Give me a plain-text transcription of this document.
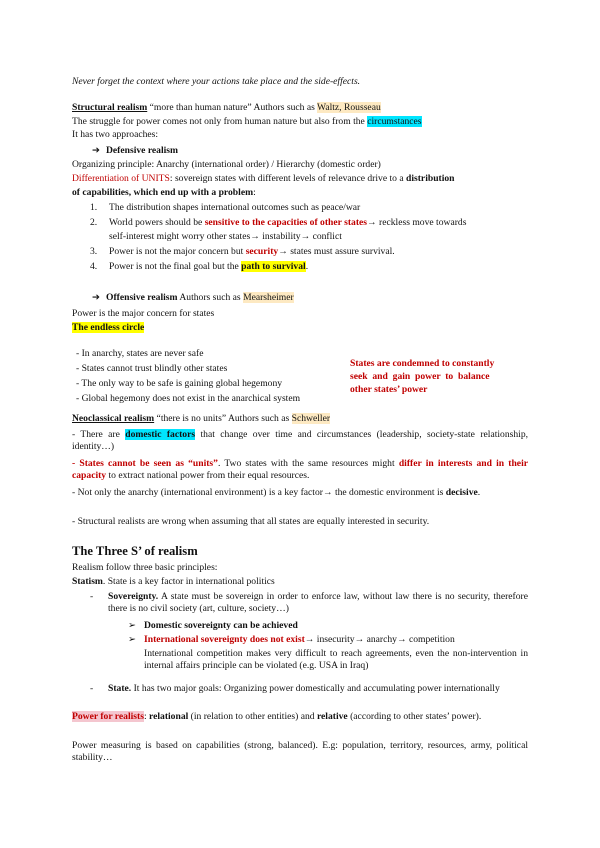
Never forget the context where your actions take place and the side-effects.
Structural realism “more than human nature” Authors such as Waltz, Rousseau
The struggle for power comes not only from human nature but also from the circumstances
It has two approaches:
➔ Defensive realism
Organizing principle: Anarchy (international order) / Hierarchy (domestic order)
Differentiation of UNITS: sovereign states with different levels of relevance drive to a distribution
of capabilities, which end up with a problem:
1. The distribution shapes international outcomes such as peace/war
2. World powers should be sensitive to the capacities of other states→ reckless move towards
self-interest might worry other states→ instability→ conflict
3. Power is not the major concern but security→ states must assure survival.
4. Power is not the final goal but the path to survival.
➔ Offensive realism Authors such as Mearsheimer
Power is the major concern for states
The endless circle
- In anarchy, states are never safe
- States cannot trust blindly other states
- The only way to be safe is gaining global hegemony
- Global hegemony does not exist in the anarchical system
States are condemned to constantly
seek  and  gain  power  to  balance
other states’ power
Neoclassical realism “there is no units” Authors such as Schweller
- There are domestic factors that change over time and circumstances (leadership, society-state relationship, identity…)
- States cannot be seen as “units”. Two states with the same resources might differ in interests and in their capacity to extract national power from their equal resources.
- Not only the anarchy (international environment) is a key factor→ the domestic environment is decisive.
- Structural realists are wrong when assuming that all states are equally interested in security.
The Three S’ of realism
Realism follow three basic principles:
Statism. State is a key factor in international politics
-	Sovereignty. A state must be sovereign in order to enforce law, without law there is no security, therefore there is no civil society (art, culture, society…)
➢ Domestic sovereignty can be achieved
➢ International sovereignty does not exist→ insecurity→ anarchy→ competition
International competition makes very difficult to reach agreements, even the non-intervention in internal affairs principle can be violated (e.g. USA in Iraq)
-	State. It has two major goals: Organizing power domestically and accumulating power internationally
Power for realists: relational (in relation to other entities) and relative (according to other states’ power).
Power measuring is based on capabilities (strong, balanced). E.g: population, territory, resources, army, political stability…
